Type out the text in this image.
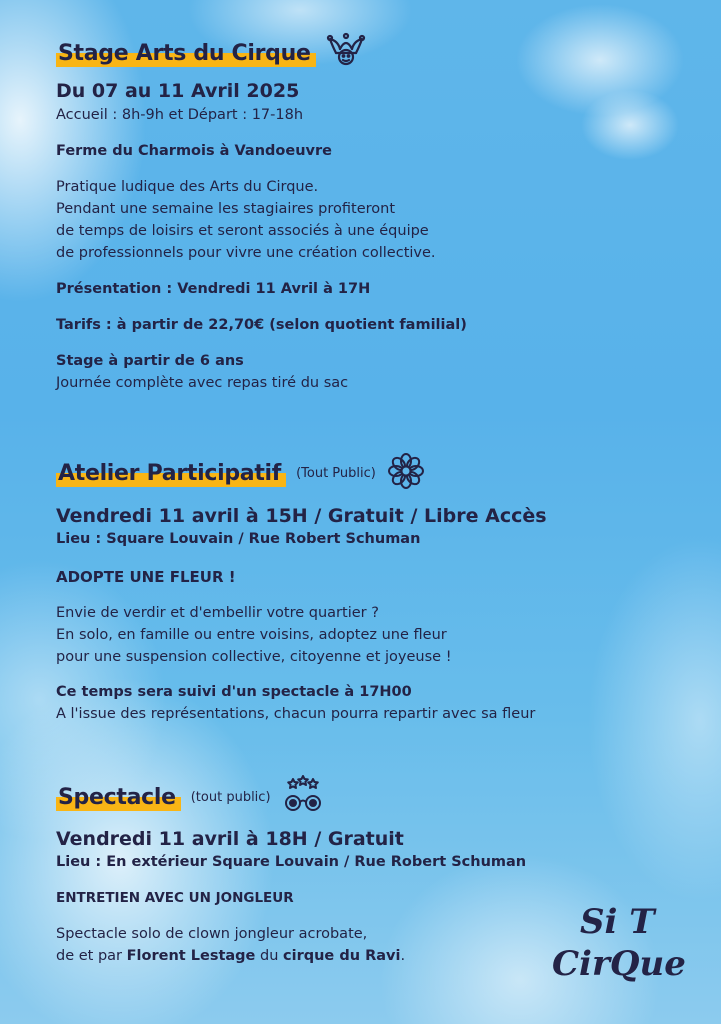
Stage Arts du Cirque

Du 07 au 11 Avril 2025

Accueil : 8h-9h et Départ : 17-18h

Ferme du Charmois à Vandoeuvre

Pratique ludique des Arts du Cirque.

Pendant une semaine les stagiaires profiteront

de temps de loisirs et seront associés à une équipe

de professionnels pour vivre une création collective.

Présentation : Vendredi 11 Avril à 17H

Tarifs : à partir de 22,70€ (selon quotient familial)

Stage à partir de 6 ans

Journée complète avec repas tiré du sac

Atelier Participatif	(Tout Public)

Vendredi 11 avril à 15H / Gratuit / Libre Accès

Lieu : Square Louvain / Rue Robert Schuman

ADOPTE UNE FLEUR !

Envie de verdir et d'embellir votre quartier ?

En solo, en famille ou entre voisins, adoptez une fleur

pour une suspension collective, citoyenne et joyeuse !

Ce temps sera suivi d'un spectacle à 17H00

A l'issue des représentations, chacun pourra repartir avec sa fleur

Spectacle	(tout public)

Vendredi 11 avril à 18H / Gratuit

Lieu : En extérieur Square Louvain / Rue Robert Schuman

ENTRETIEN AVEC UN JONGLEUR

Spectacle solo de clown jongleur acrobate,

de et par Florent Lestage du cirque du Ravi.

Si T
CirQue
